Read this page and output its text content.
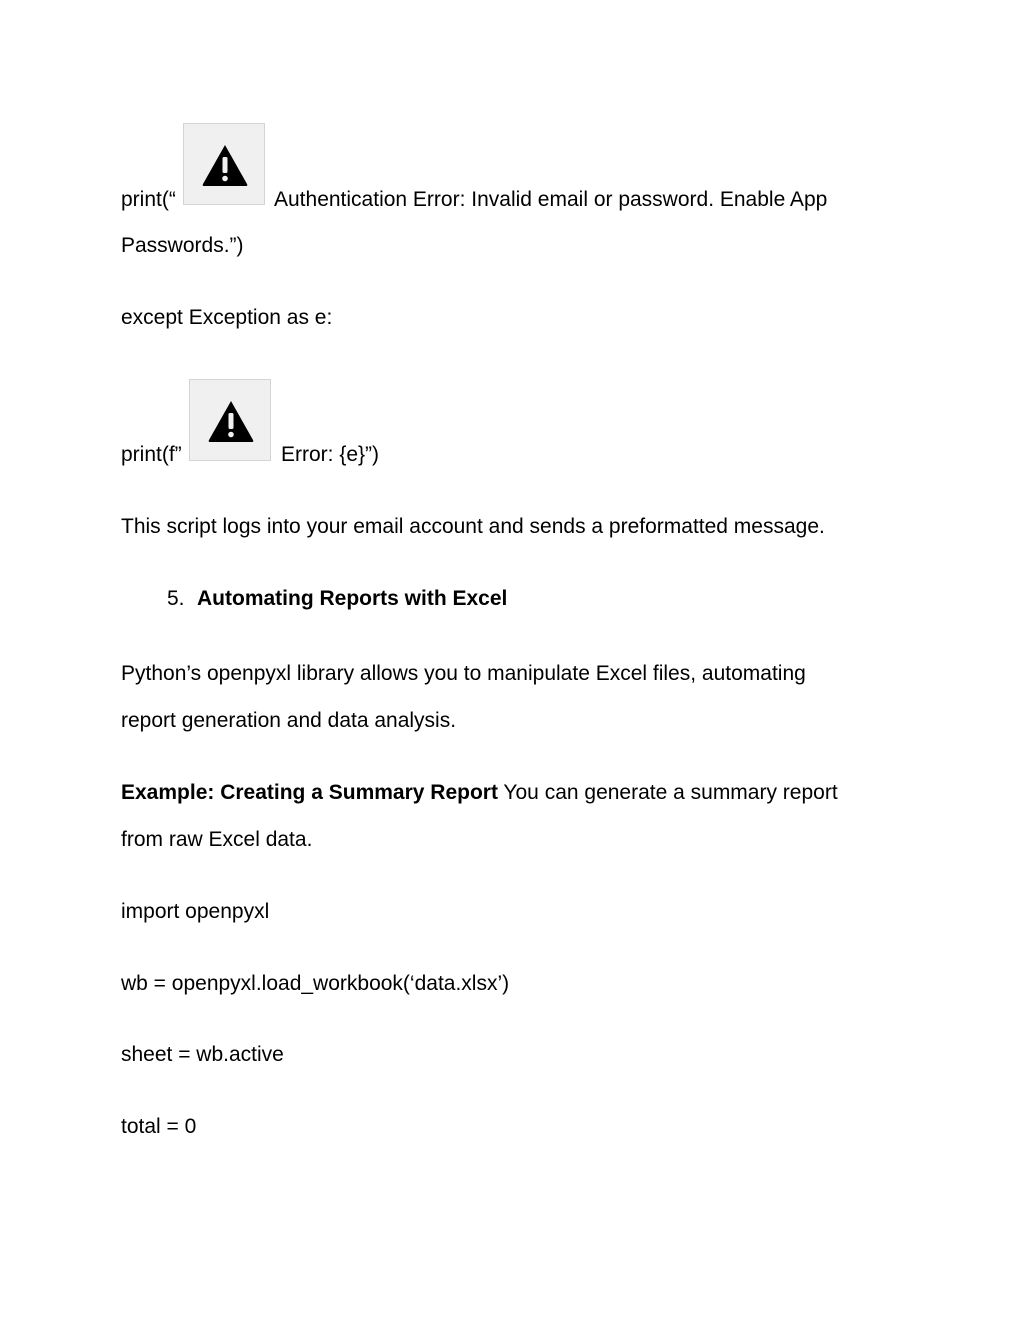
print(“	Authentication Error: Invalid email or password. Enable App
Passwords.”)
except Exception as e:
print(f”	Error: {e}”)
This script logs into your email account and sends a preformatted message.
5. Automating Reports with Excel
Python’s openpyxl library allows you to manipulate Excel files, automating
report generation and data analysis.
Example: Creating a Summary Report You can generate a summary report
from raw Excel data.
import openpyxl
wb = openpyxl.load_workbook(‘data.xlsx’)
sheet = wb.active
total = 0
